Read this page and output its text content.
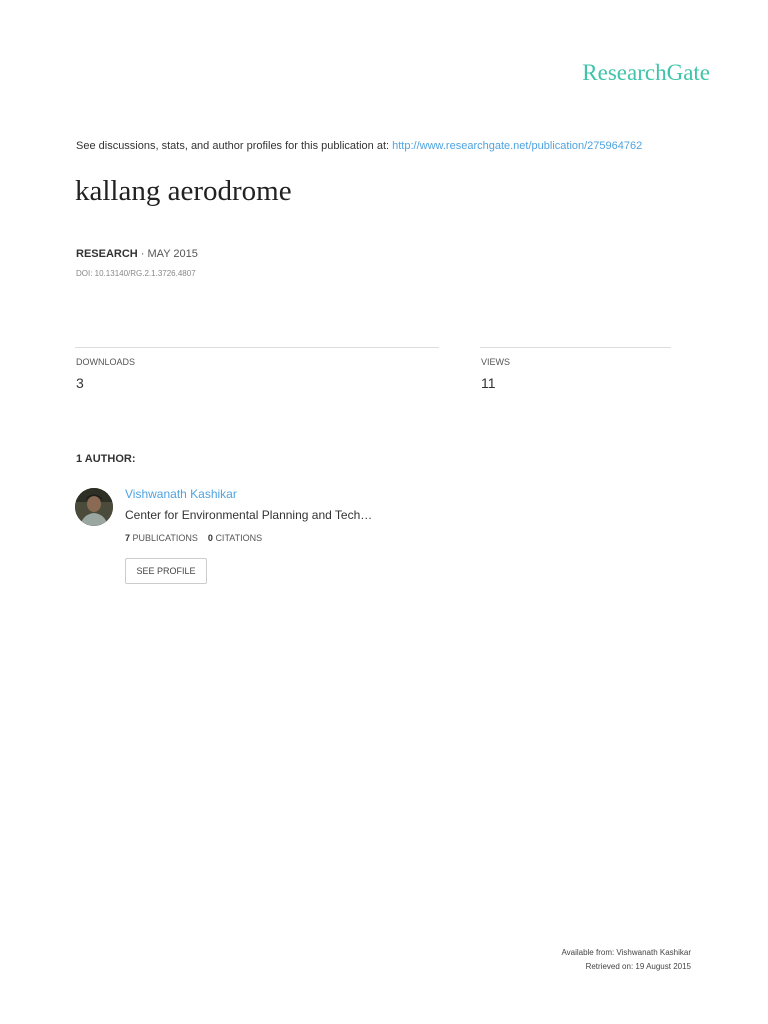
ResearchGate
See discussions, stats, and author profiles for this publication at: http://www.researchgate.net/publication/275964762
kallang aerodrome
RESEARCH · MAY 2015
DOI: 10.13140/RG.2.1.3726.4807
DOWNLOADS
3
VIEWS
11
1 AUTHOR:
Vishwanath Kashikar
Center for Environmental Planning and Tech…
7 PUBLICATIONS 0 CITATIONS
SEE PROFILE
Available from: Vishwanath Kashikar
Retrieved on: 19 August 2015
